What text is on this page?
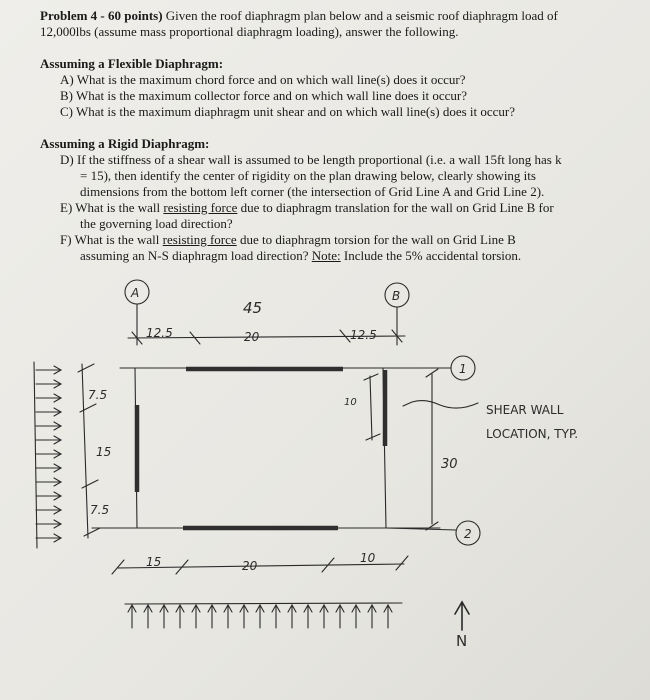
Problem 4 - 60 points) Given the roof diaphragm plan below and a seismic roof diaphragm load of
12,000lbs (assume mass proportional diaphragm loading), answer the following.
Assuming a Flexible Diaphragm:
A) What is the maximum chord force and on which wall line(s) does it occur?
B) What is the maximum collector force and on which wall line does it occur?
C) What is the maximum diaphragm unit shear and on which wall line(s) does it occur?
Assuming a Rigid Diaphragm:
D) If the stiffness of a shear wall is assumed to be length proportional (i.e. a wall 15ft long has k
= 15), then identify the center of rigidity on the plan drawing below, clearly showing its
dimensions from the bottom left corner (the intersection of Grid Line A and Grid Line 2).
E) What is the wall resisting force due to diaphragm translation for the wall on Grid Line B for
the governing load direction?
F) What is the wall resisting force due to diaphragm torsion for the wall on Grid Line B
assuming an N-S diaphragm load direction? Note: Include the 5% accidental torsion.
A	B
1
2
45
12.5	20	12.5
7.5
15
7.5
10
30
15	20
10
SHEAR WALL
LOCATION, TYP.
N
